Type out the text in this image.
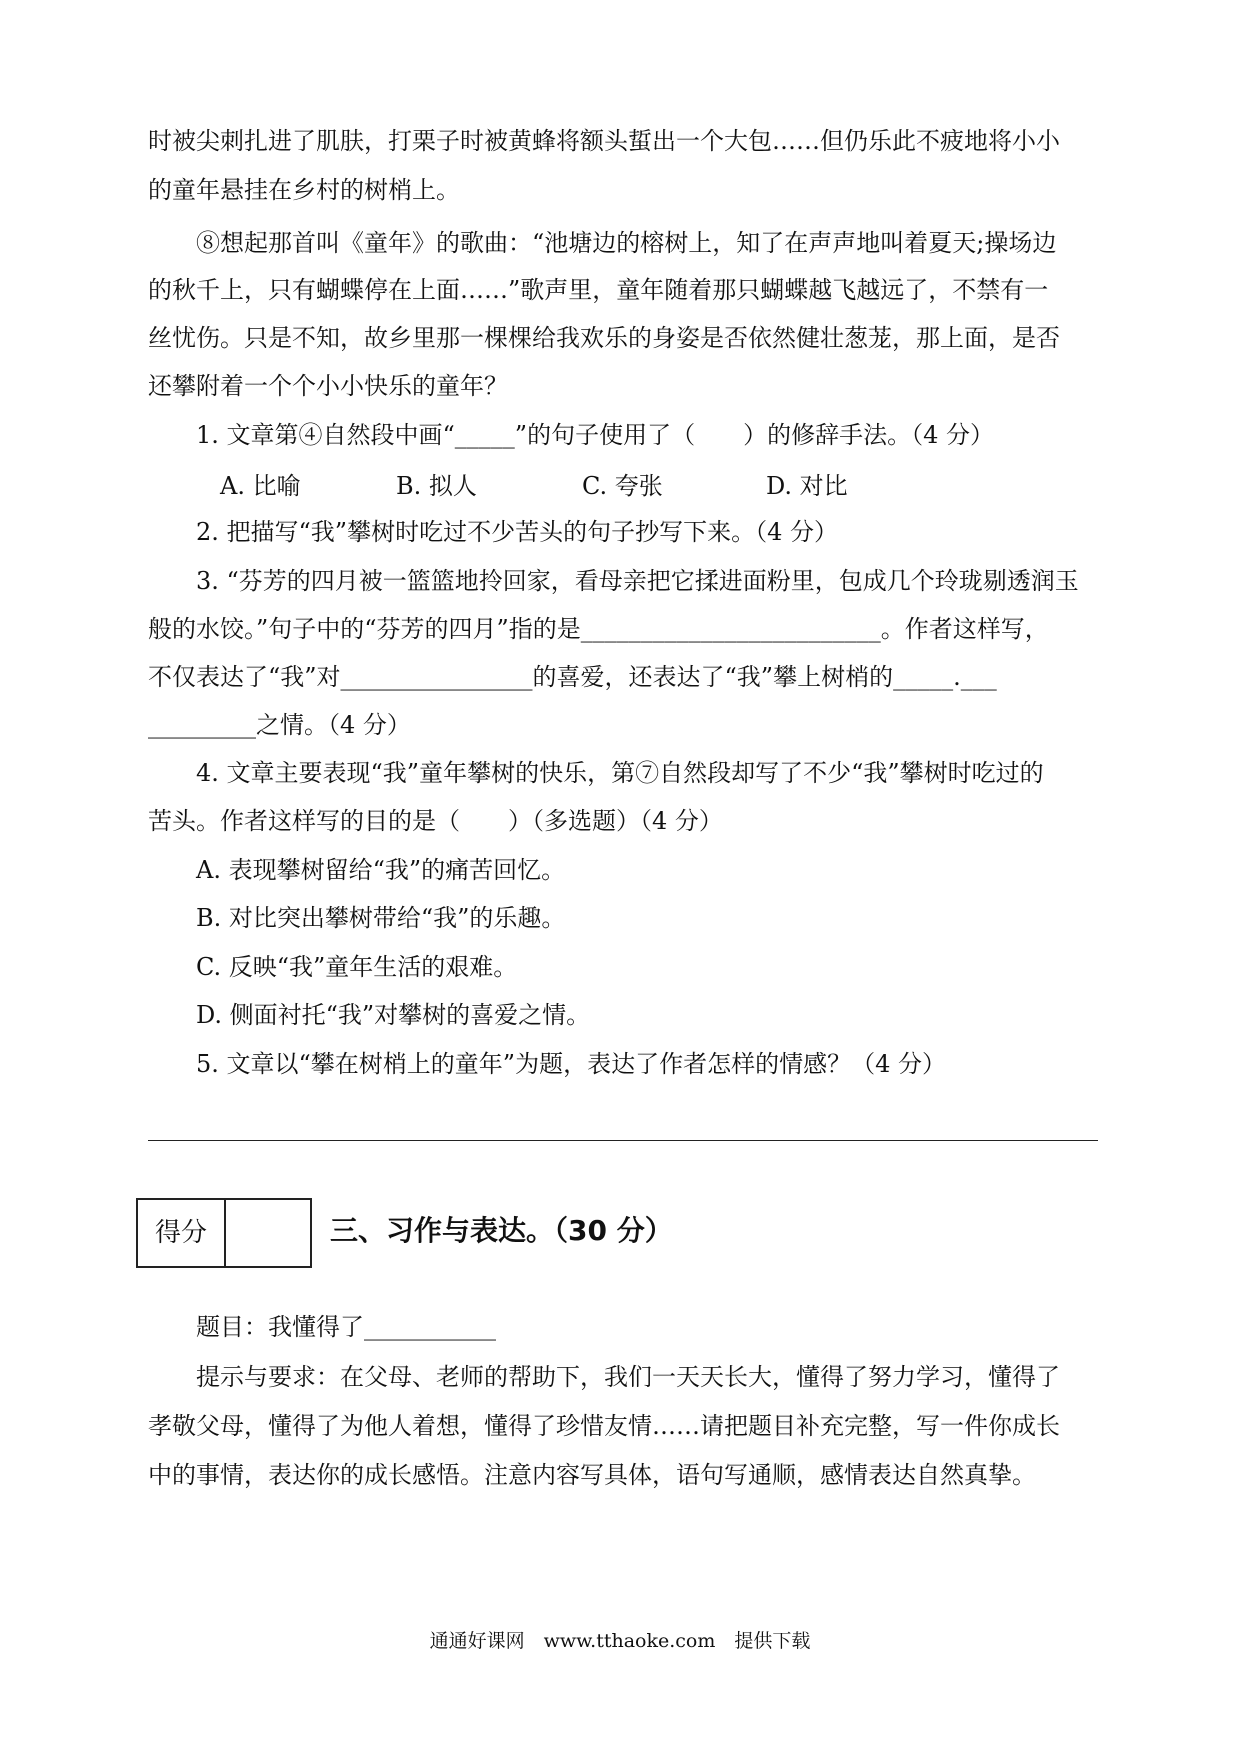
时被尖刺扎进了肌肤，打栗子时被黄蜂将额头蜇出一个大包……但仍乐此不疲地将小小
的童年悬挂在乡村的树梢上。
⑧想起那首叫《童年》的歌曲：“池塘边的榕树上，知了在声声地叫着夏天;操场边
的秋千上，只有蝴蝶停在上面……”歌声里，童年随着那只蝴蝶越飞越远了，不禁有一
丝忧伤。只是不知，故乡里那一棵棵给我欢乐的身姿是否依然健壮葱茏，那上面，是否
还攀附着一个个小小快乐的童年？
1. 文章第④自然段中画“_____”的句子使用了（　　）的修辞手法。（4 分）
A. 比喻	B. 拟人	C. 夸张	D. 对比
2. 把描写“我”攀树时吃过不少苦头的句子抄写下来。（4 分）
3. “芬芳的四月被一篮篮地拎回家，看母亲把它揉进面粉里，包成几个玲珑剔透润玉
般的水饺。”句子中的“芬芳的四月”指的是_________________________。作者这样写，
不仅表达了“我”对________________的喜爱，还表达了“我”攀上树梢的_____.___
_________之情。（4 分）
4. 文章主要表现“我”童年攀树的快乐，第⑦自然段却写了不少“我”攀树时吃过的
苦头。作者这样写的目的是（　　）（多选题）（4 分）
A. 表现攀树留给“我”的痛苦回忆。
B. 对比突出攀树带给“我”的乐趣。
C. 反映“我”童年生活的艰难。
D. 侧面衬托“我”对攀树的喜爱之情。
5. 文章以“攀在树梢上的童年”为题，表达了作者怎样的情感？（4 分）
得分	三、习作与表达。（30 分）
题目：我懂得了___________
提示与要求：在父母、老师的帮助下，我们一天天长大，懂得了努力学习，懂得了
孝敬父母，懂得了为他人着想，懂得了珍惜友情……请把题目补充完整，写一件你成长
中的事情，表达你的成长感悟。注意内容写具体，语句写通顺，感情表达自然真挚。
通通好课网　www.tthaoke.com　提供下载
